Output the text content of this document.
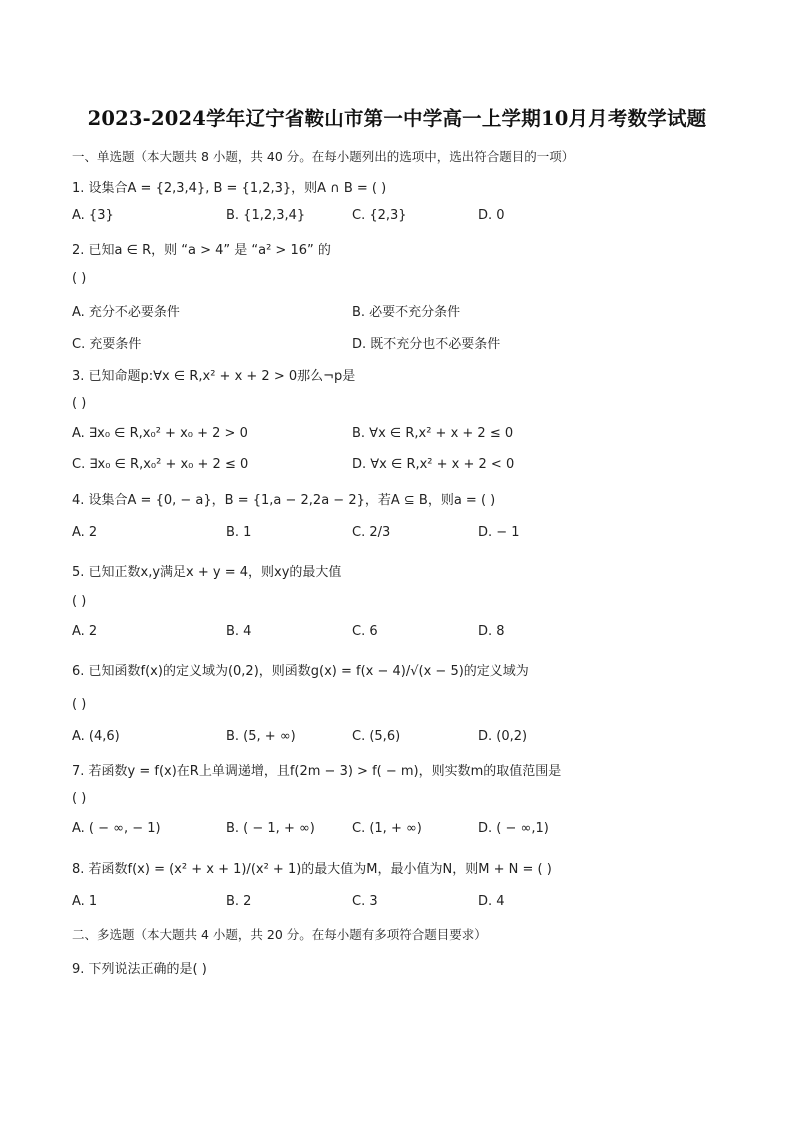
2023-2024学年辽宁省鞍山市第一中学高一上学期10月月考数学试题
一、单选题（本大题共 8 小题，共 40 分。在每小题列出的选项中，选出符合题目的一项）
1. 设集合A = {2,3,4}, B = {1,2,3}，则A ∩ B = ( )
A. {3}	B. {1,2,3,4}	C. {2,3}	D. 0
2. 已知a ∈ R，则 “a > 4” 是 “a² > 16” 的
( )
A. 充分不必要条件	B. 必要不充分条件
C. 充要条件	D. 既不充分也不必要条件
3. 已知命题p:∀x ∈ R,x² + x + 2 > 0那么¬p是
( )
A. ∃x₀ ∈ R,x₀² + x₀ + 2 > 0	B. ∀x ∈ R,x² + x + 2 ≤ 0
C. ∃x₀ ∈ R,x₀² + x₀ + 2 ≤ 0	D. ∀x ∈ R,x² + x + 2 < 0
4. 设集合A = {0, − a}，B = {1,a − 2,2a − 2}，若A ⊆ B，则a = ( )
A. 2	B. 1	C. 2/3	D. − 1
5. 已知正数x,y满足x + y = 4，则xy的最大值
( )
A. 2	B. 4	C. 6	D. 8
6. 已知函数f(x)的定义域为(0,2)，则函数g(x) = f(x − 4)/√(x − 5)的定义域为
( )
A. (4,6)	B. (5, + ∞)	C. (5,6)	D. (0,2)
7. 若函数y = f(x)在R上单调递增，且f(2m − 3) > f( − m)，则实数m的取值范围是
( )
A. ( − ∞, − 1)	B. ( − 1, + ∞)	C. (1, + ∞)	D. ( − ∞,1)
8. 若函数f(x) = (x² + x + 1)/(x² + 1)的最大值为M，最小值为N，则M + N = ( )
A. 1	B. 2	C. 3	D. 4
二、多选题（本大题共 4 小题，共 20 分。在每小题有多项符合题目要求）
9. 下列说法正确的是( )
